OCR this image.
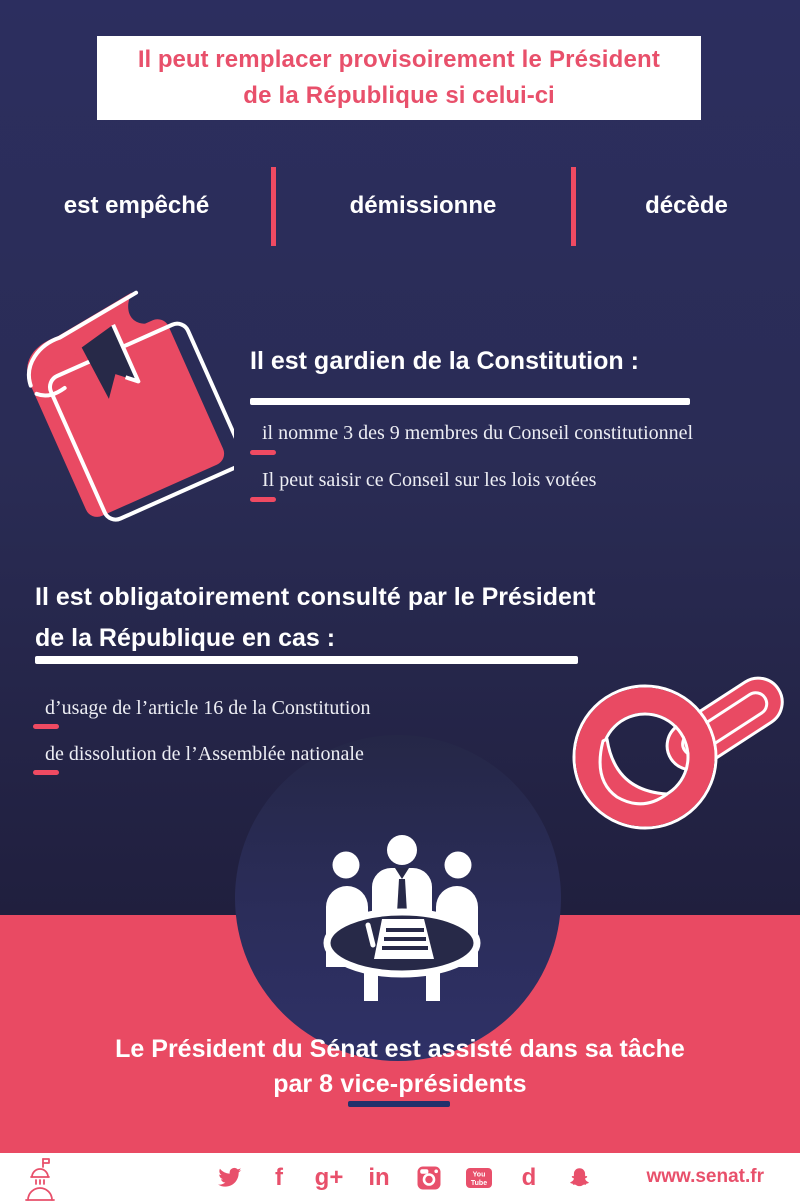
Il peut remplacer provisoirement le Président
de la République si celui-ci
est empêché	démissionne	décède
Il est gardien de la Constitution :
il nomme 3 des 9 membres du Conseil constitutionnel
Il peut saisir ce Conseil sur les lois votées
Il est obligatoirement consulté par le Président
de la République en cas :
d’usage de l’article 16 de la Constitution
de dissolution de l’Assemblée nationale
Le Président du Sénat est assisté dans sa tâche
par 8 vice-présidents
f g+ in	You
Tube d	www.senat.fr
